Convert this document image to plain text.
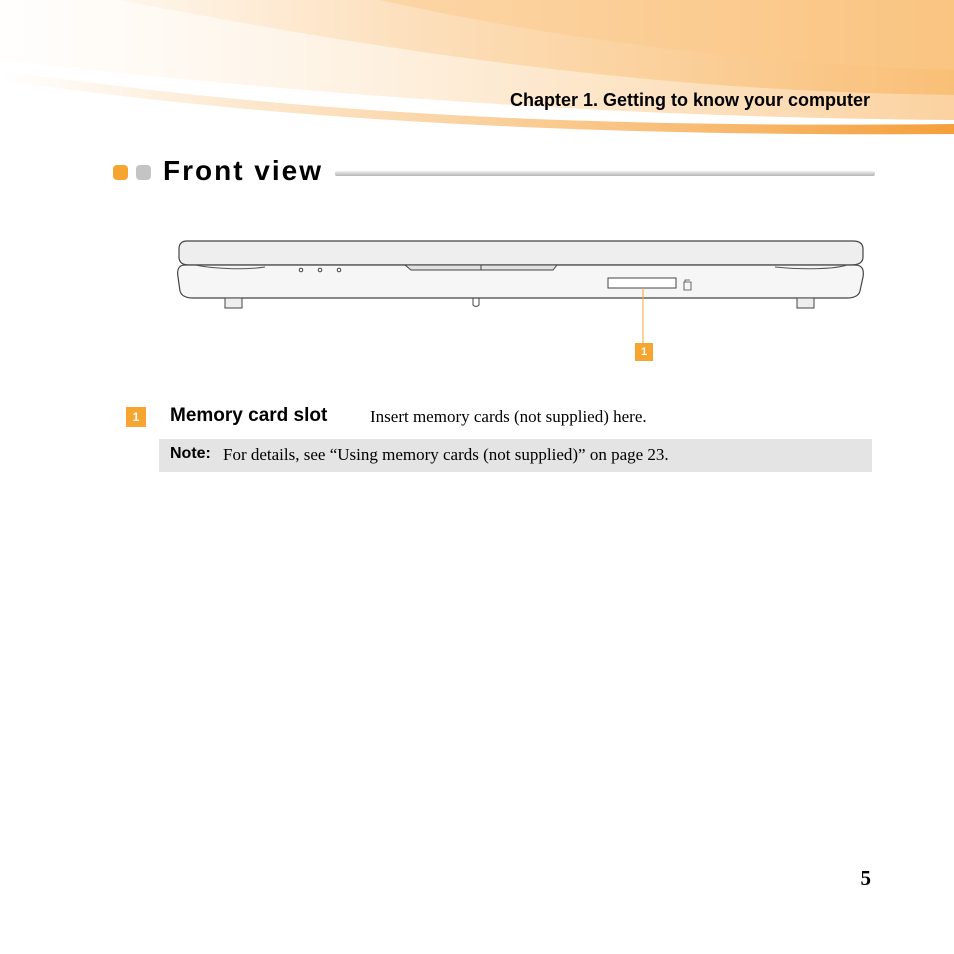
Chapter 1. Getting to know your computer
Front view
1
1	Memory card slot	Insert memory cards (not supplied) here.
Note: For details, see “Using memory cards (not supplied)” on page 23.
5
